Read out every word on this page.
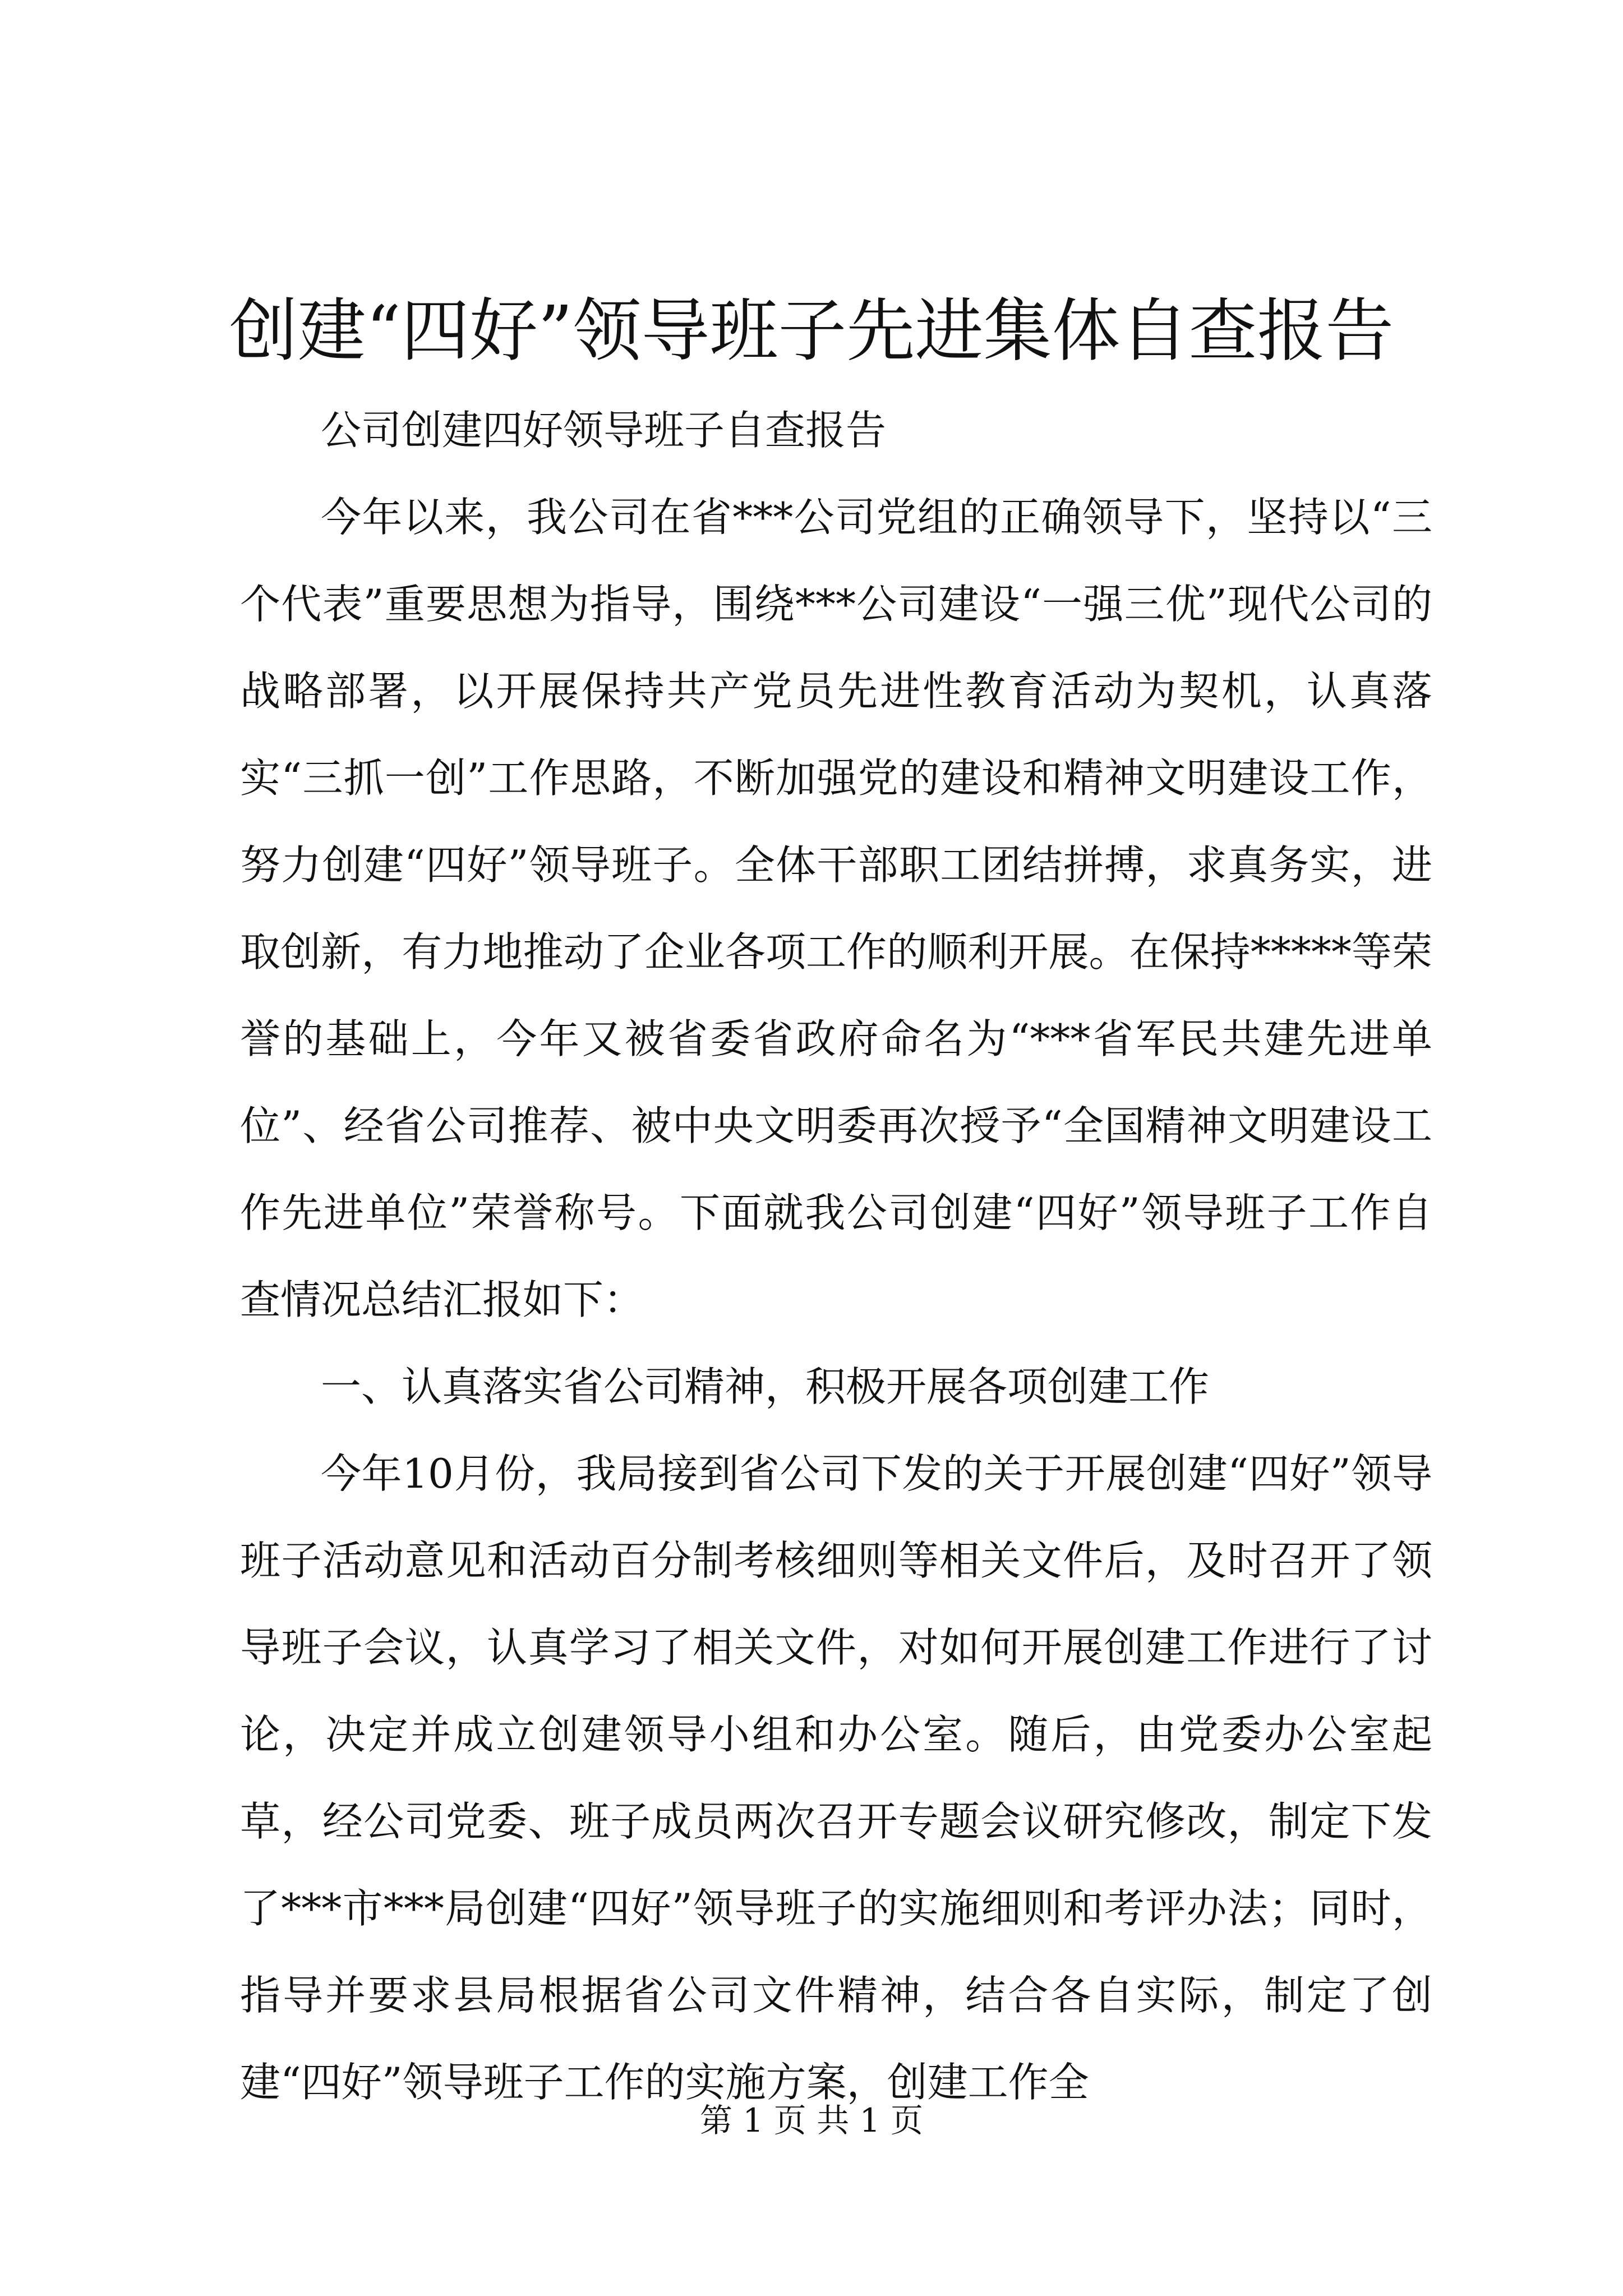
创建“四好”领导班子先进集体自查报告

公司创建四好领导班子自查报告

今年以来，我公司在省***公司党组的正确领导下，坚持以“三个代表”重要思想为指导，围绕***公司建设“一强三优”现代公司的战略部署，以开展保持共产党员先进性教育活动为契机，认真落实“三抓一创”工作思路，不断加强党的建设和精神文明建设工作，努力创建“四好”领导班子。全体干部职工团结拼搏，求真务实，进取创新，有力地推动了企业各项工作的顺利开展。在保持*****等荣誉的基础上，今年又被省委省政府命名为“***省军民共建先进单位”、经省公司推荐、被中央文明委再次授予“全国精神文明建设工作先进单位”荣誉称号。下面就我公司创建“四好”领导班子工作自查情况总结汇报如下：

一、认真落实省公司精神，积极开展各项创建工作

今年10月份，我局接到省公司下发的关于开展创建“四好”领导班子活动意见和活动百分制考核细则等相关文件后，及时召开了领导班子会议，认真学习了相关文件，对如何开展创建工作进行了讨论，决定并成立创建领导小组和办公室。随后，由党委办公室起草，经公司党委、班子成员两次召开专题会议研究修改，制定下发了***市***局创建“四好”领导班子的实施细则和考评办法；同时，指导并要求县局根据省公司文件精神，结合各自实际，制定了创建“四好”领导班子工作的实施方案，创建工作全

第 1 页 共 1 页
